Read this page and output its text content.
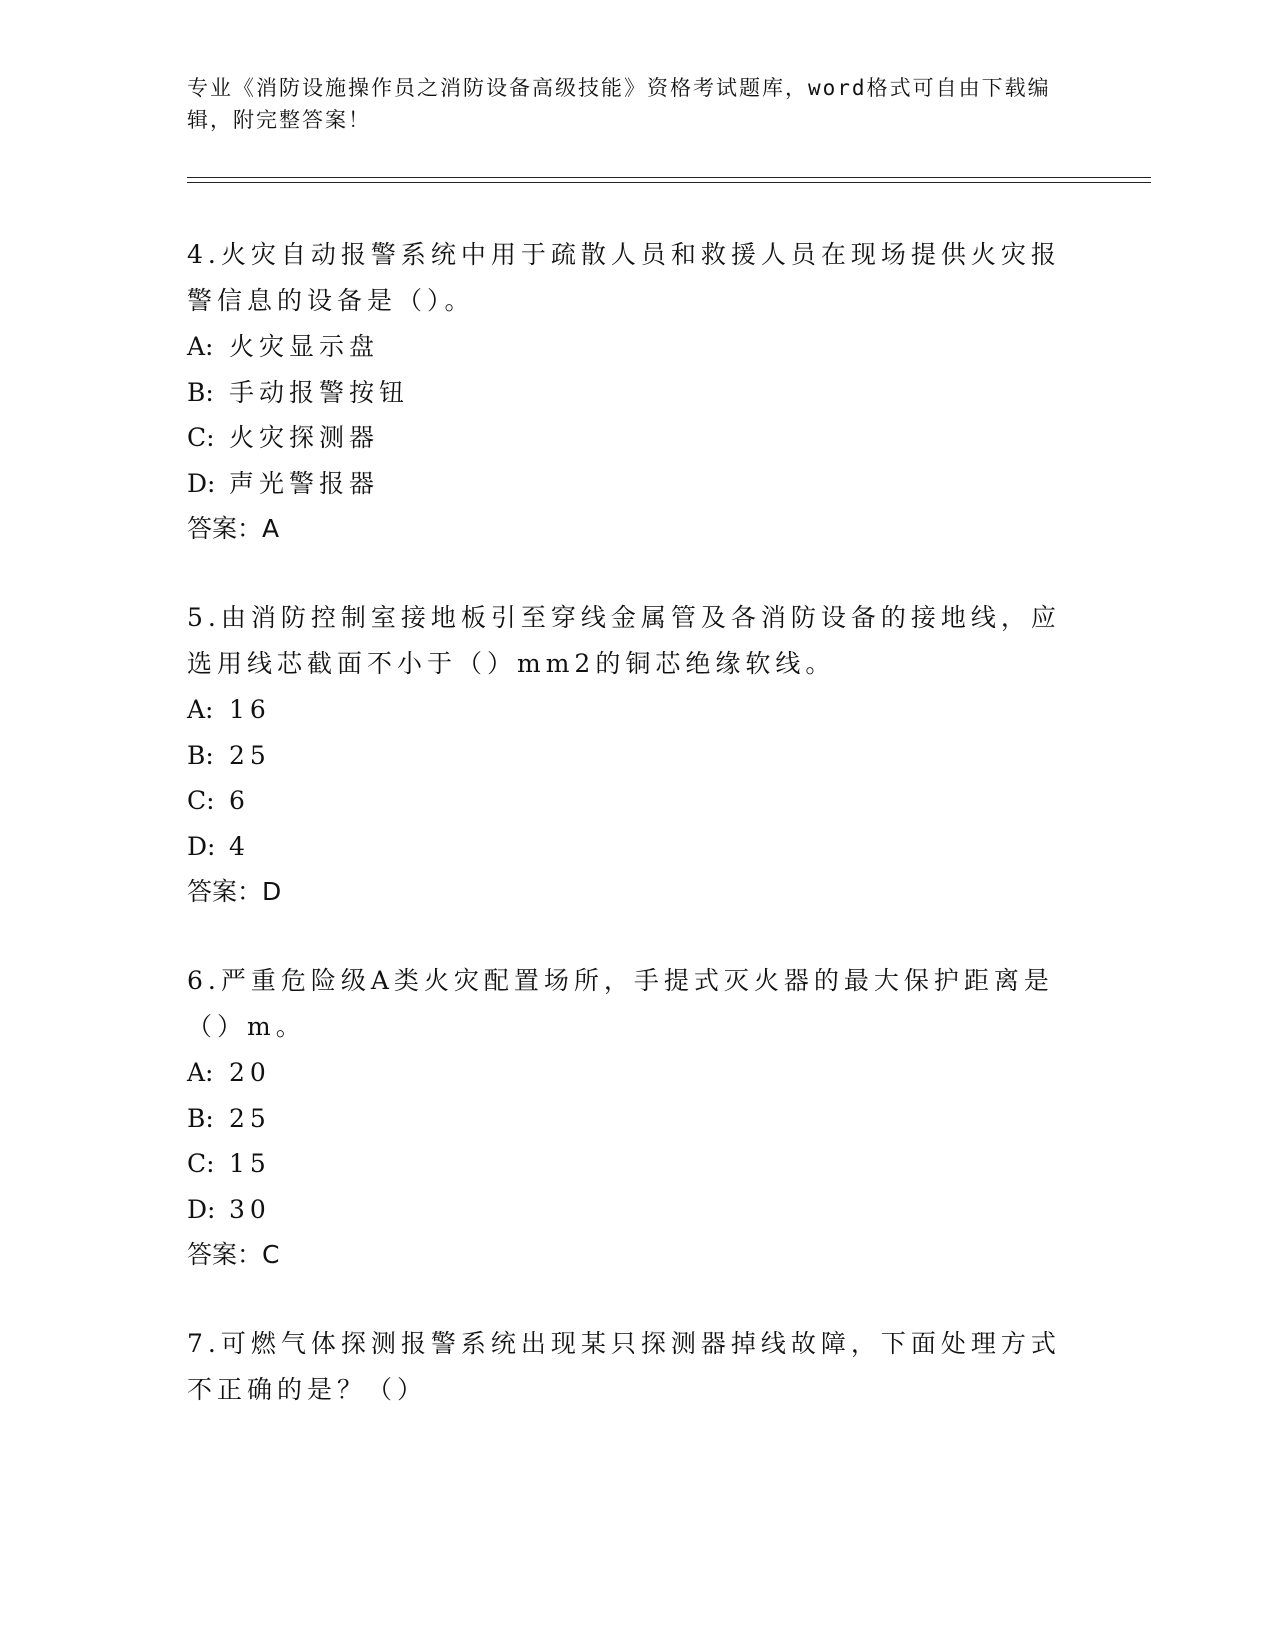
专业《消防设施操作员之消防设备高级技能》资格考试题库，word格式可自由下载编辑，附完整答案！
4.火灾自动报警系统中用于疏散人员和救援人员在现场提供火灾报警信息的设备是（）。
A: 火灾显示盘
B: 手动报警按钮
C: 火灾探测器
D: 声光警报器
答案：A
5.由消防控制室接地板引至穿线金属管及各消防设备的接地线，应选用线芯截面不小于（）mm2的铜芯绝缘软线。
A: 16
B: 25
C: 6
D: 4
答案：D
6.严重危险级A类火灾配置场所，手提式灭火器的最大保护距离是（）m。
A: 20
B: 25
C: 15
D: 30
答案：C
7.可燃气体探测报警系统出现某只探测器掉线故障，下面处理方式不正确的是？（）
